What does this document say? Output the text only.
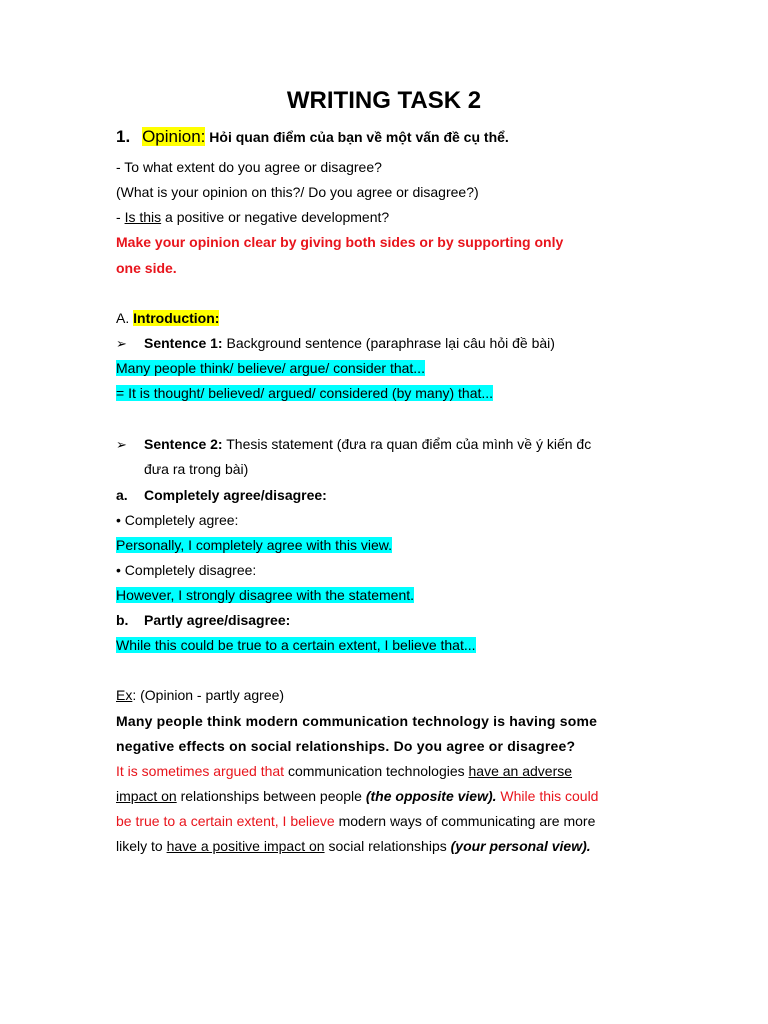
WRITING TASK 2
1. Opinion: Hỏi quan điểm của bạn về một vấn đề cụ thể.
- To what extent do you agree or disagree?
(What is your opinion on this?/ Do you agree or disagree?)
- Is this a positive or negative development?
Make your opinion clear by giving both sides or by supporting only
one side.
A. Introduction:
➢ Sentence 1: Background sentence (paraphrase lại câu hỏi đề bài)
Many people think/ believe/ argue/ consider that...
= It is thought/ believed/ argued/ considered (by many) that...
➢ Sentence 2: Thesis statement (đưa ra quan điểm của mình về ý kiến đc
đưa ra trong bài)
a. Completely agree/disagree:
• Completely agree:
Personally, I completely agree with this view.
• Completely disagree:
However, I strongly disagree with the statement.
b. Partly agree/disagree:
While this could be true to a certain extent, I believe that...
Ex: (Opinion - partly agree)
Many people think modern communication technology is having some
negative effects on social relationships. Do you agree or disagree?
It is sometimes argued that communication technologies have an adverse
impact on relationships between people (the opposite view). While this could
be true to a certain extent, I believe modern ways of communicating are more
likely to have a positive impact on social relationships (your personal view).
